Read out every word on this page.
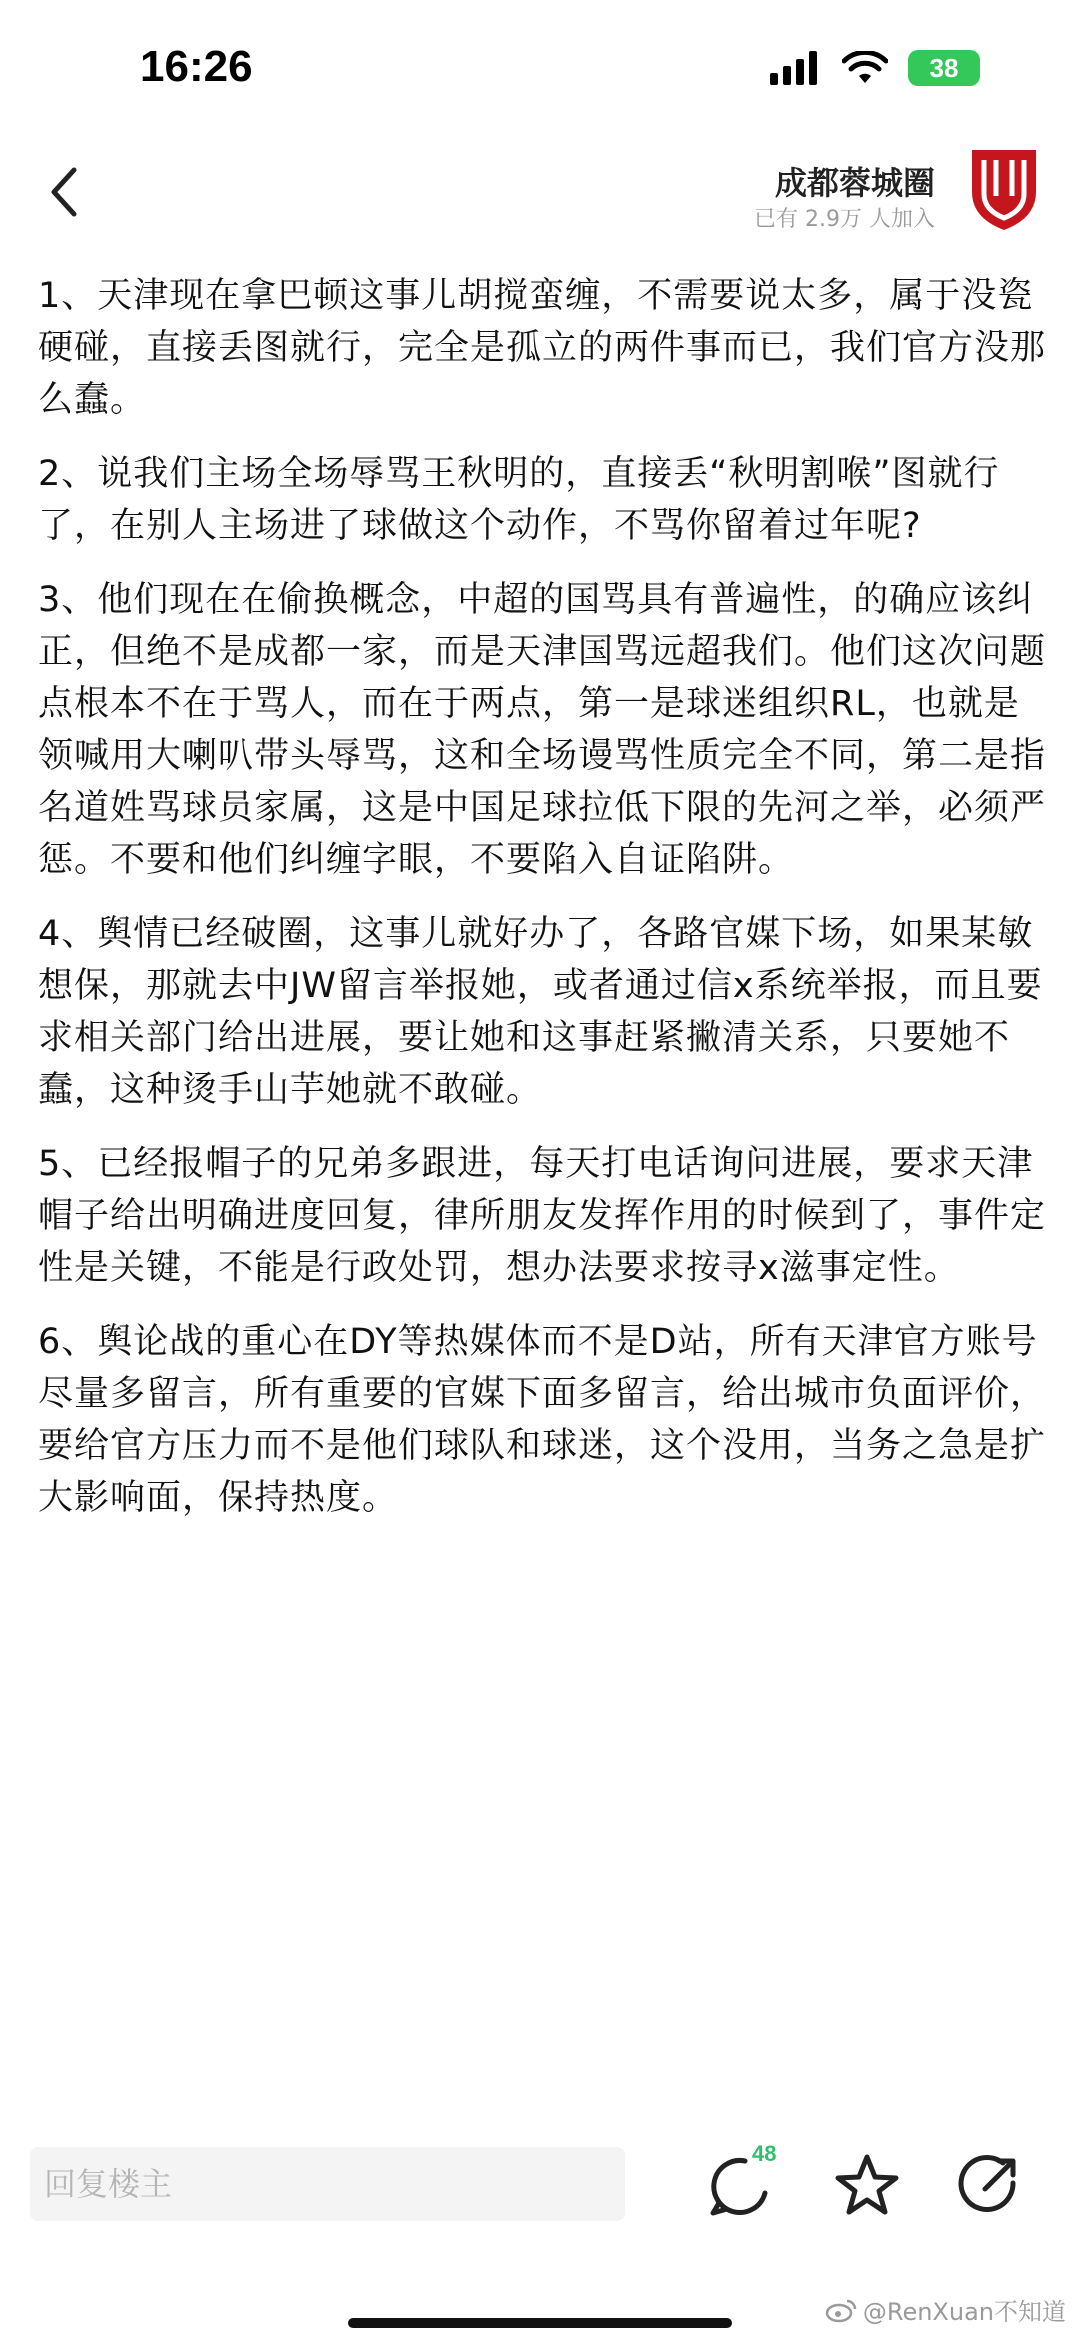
16:26	38
成都蓉城圈
已有 2.9万 人加入

1、天津现在拿巴顿这事儿胡搅蛮缠，不需要说太多，属于没瓷硬碰，直接丢图就行，完全是孤立的两件事而已，我们官方没那么蠢。

2、说我们主场全场辱骂王秋明的，直接丢“秋明割喉”图就行了，在别人主场进了球做这个动作，不骂你留着过年呢?

3、他们现在在偷换概念，中超的国骂具有普遍性，的确应该纠正，但绝不是成都一家，而是天津国骂远超我们。他们这次问题点根本不在于骂人，而在于两点，第一是球迷组织RL，也就是领喊用大喇叭带头辱骂，这和全场谩骂性质完全不同，第二是指名道姓骂球员家属，这是中国足球拉低下限的先河之举，必须严惩。不要和他们纠缠字眼，不要陷入自证陷阱。

4、舆情已经破圈，这事儿就好办了，各路官媒下场，如果某敏想保，那就去中JW留言举报她，或者通过信x系统举报，而且要求相关部门给出进展，要让她和这事赶紧撇清关系，只要她不蠢，这种烫手山芋她就不敢碰。

5、已经报帽子的兄弟多跟进，每天打电话询问进展，要求天津帽子给出明确进度回复，律所朋友发挥作用的时候到了，事件定性是关键，不能是行政处罚，想办法要求按寻x滋事定性。

6、舆论战的重心在DY等热媒体而不是D站，所有天津官方账号尽量多留言，所有重要的官媒下面多留言，给出城市负面评价，要给官方压力而不是他们球队和球迷，这个没用，当务之急是扩大影响面，保持热度。

回复楼主
48
@RenXuan不知道
